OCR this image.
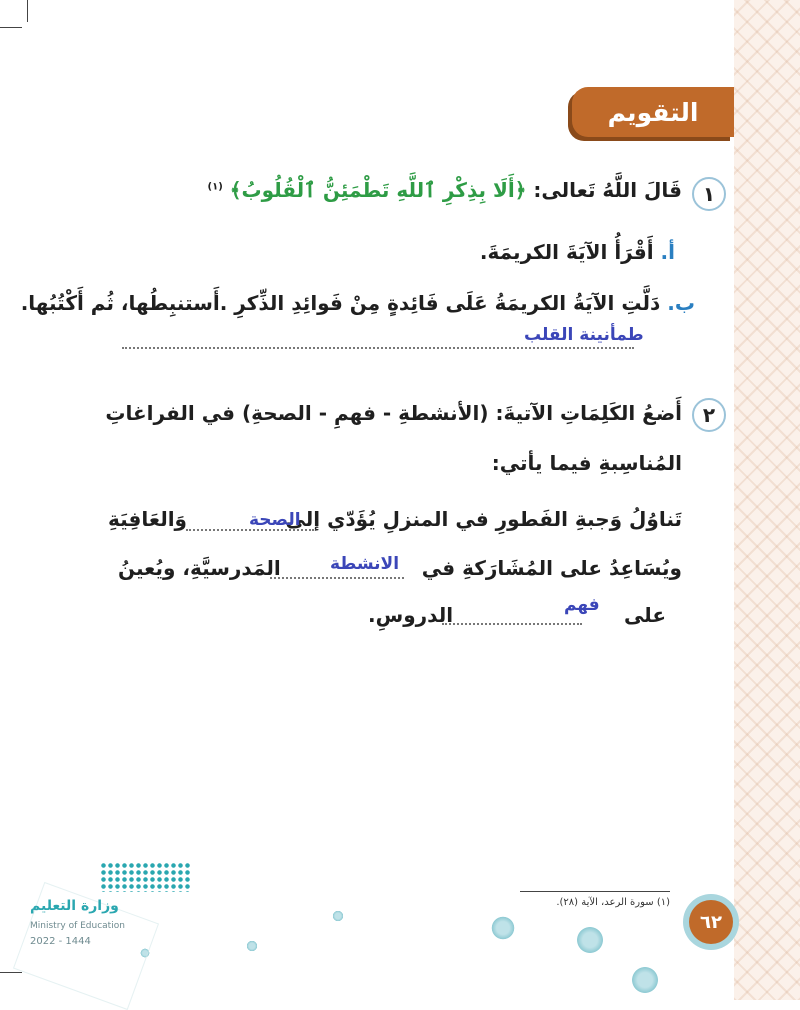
التقويم
١
قَالَ اللَّهُ تَعالى: ﴿أَلَا بِذِكْرِ ٱللَّهِ تَطْمَئِنُّ ٱلْقُلُوبُ﴾ $^{(١)}$
أ. أَقْرَأُ الآيَةَ الكريمَةَ.
ب. دَلَّتِ الآيَةُ الكريمَةُ عَلَى فَائِدةٍ مِنْ فَوائِدِ الذِّكرِ .أَستنبِطُها، ثُم أَكْتُبُها.
طمأنينة القلب
٢
أَضعُ الكَلِمَاتِ الآتيةَ: (الأنشطةِ - فهمِ - الصحةِ) في الفراغاتِ
المُناسِبةِ فيما يأتي:
تَناوُلُ وَجبةِ الفَطورِ في المنزلِ يُؤَدّي إلى
الصحة
وَالعَافِيَةِ
ويُسَاعِدُ على المُشَارَكةِ في
الانشطة
المَدرسيَّةِ، ويُعينُ
على
فهم
الدروسِ.
(١) سورة الرعد، الآية (٢٨).
٦٢
وزارة التعليم
Ministry of Education
2022 - 1444
